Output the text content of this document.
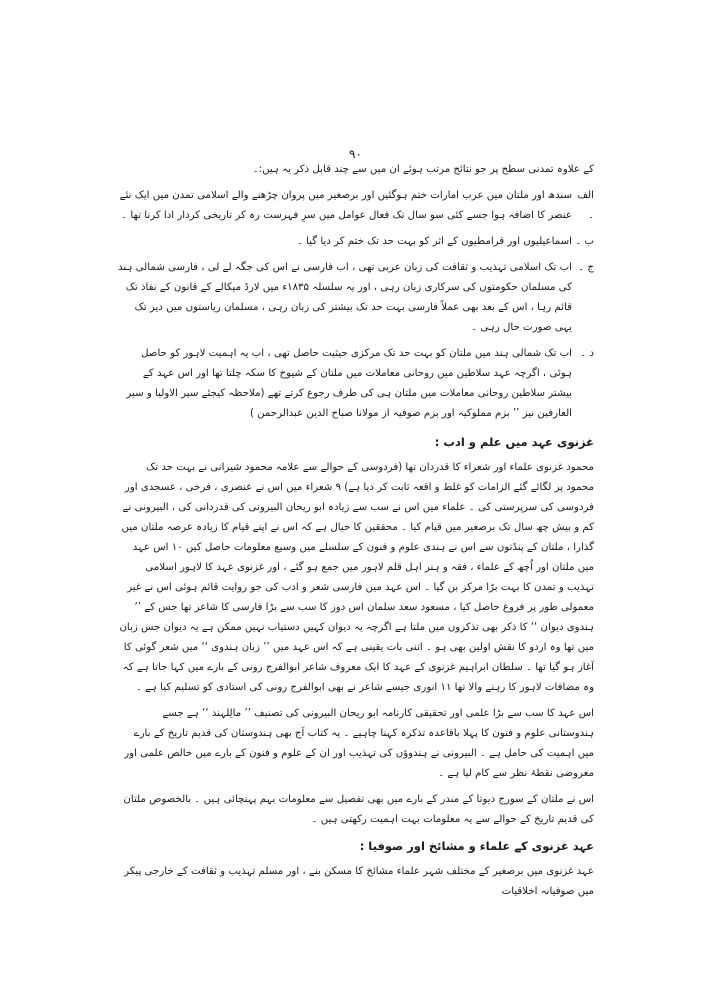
۹۰

کے علاوہ تمدنی سطح پر جو نتائج مرتب ہوئے ان میں سے چند قابل ذکر یہ ہیں:۔

الف ۔

سندھ اور ملتان میں عرب امارات ختم ہوگئیں اور برصغیر میں پروان چڑھنے والے اسلامی تمدن میں ایک نئے عنصر کا اضافہ ہوا جسے کئی سو سال تک فعال عوامل میں سرِ فہرست رہ کر تاریخی کردار ادا کرنا تھا ۔

ب ۔

اسماعیلیوں اور قرامطیوں کے اثر کو بہت حد تک ختم کر دیا گیا ۔

ج ۔

اب تک اسلامی تہذیب و ثقافت کی زبان عربی تھی ، اب فارسی نے اس کی جگہ لے لی ، فارسی شمالی ہند کی مسلمان حکومتوں کی سرکاری زبان رہی ، اور یہ سلسلہ ۱۸۳۵ء میں لارڈ میکالے کے قانون کے نفاذ تک قائم رہا ، اس کے بعد بھی عملاً فارسی بہت حد تک بیشتر کی زبان رہی ، مسلمان ریاستوں میں دیر تک یہی صورت حال رہی ۔

د ۔

اب تک شمالی ہند میں ملتان کو بہت حد تک مرکزی حیثیت حاصل تھی ، اب یہ اہمیت لاہور کو حاصل ہوئی ، اگرچہ عہد سلاطین میں روحانی معاملات میں ملتان کے شیوخ کا سکہ چلتا تھا اور اس عہد کے بیشتر سلاطین روحانی معاملات میں ملتان ہی کی طرف رجوع کرتے تھے (ملاحظہ کیجئے سیر الاولیا و سیر العارفین نیز ’’ بزم مملوکیہ اور بزم صوفیہ از مولانا صباح الدین عبدالرحمن )

غزنوی عہد میں علم و ادب :

محمود غزنوی علماء اور شعراء کا قدردان تھا (فردوسی کے حوالے سے علامہ محمود شیرانی نے بہت حد تک محمود پر لگائے گئے الزامات کو غلط و اقعہ ثابت کر دیا ہے) ۹ شعراء میں اس نے عنصری ، فرخی ، عسجدی اور فردوسی کی سرپرستی کی ۔ علماء میں اس نے سب سے زیادہ ابو ریحان البیرونی کی قدردانی کی ، البیرونی نے کم و بیش چھ سال تک برصغیر میں قیام کیا ۔ محققین کا خیال ہے کہ اس نے اپنے قیام کا زیادہ عرصہ ملتان میں گذارا ، ملتان کے پنڈتوں سے اس نے ہندی علوم و فنون کے سلسلے میں وسیع معلومات حاصل کیں ۱۰ اس عہد میں ملتان اور اُچھ کے علماء ، فقہ و ہنر اہل قلم لاہور میں جمع ہو گئے ، اور غزنوی عہد کا لاہور اسلامی تہذیب و تمدن کا بہت بڑا مرکز بن گیا ۔ اس عہد میں فارسی شعر و ادب کی جو روایت قائم ہوئی اس نے غیر معمولی طور پر فروغ حاصل کیا ، مسعود سعد سلمان اس دور کا سب سے بڑا فارسی کا شاعر تھا جس کے ’’ ہندوی دیوان ‘‘ کا ذکر بھی تذکروں میں ملتا ہے اگرچہ یہ دیوان کہیں دستیاب نہیں ممکن ہے یہ دیوان جس زبان میں تھا وہ اردو کا نقش اولین بھی ہو ۔ اتنی بات یقینی ہے کہ اس عہد میں ’’ زبان ہندوی ‘‘ میں شعر گوئی کا آغاز ہو گیا تھا ۔ سلطان ابراہیم غزنوی کے عہد کا ایک معروف شاعر ابوالفرج رونی کے بارے میں کہا جاتا ہے کہ وہ مضافات لاہور کا رہنے والا تھا ۱۱ انوری جیسے شاعر نے بھی ابوالفرج رونی کی استادی کو تسلیم کیا ہے ۔

اس عہد کا سب سے بڑا علمی اور تحقیقی کارنامہ ابو ریحان البیرونی کی تصنیف ’’ مالِلہند ‘‘ ہے جسے ہندوستانی علوم و فنون کا پہلا باقاعدہ تذکرہ کہنا چاہیے ۔ یہ کتاب آج بھی ہندوستان کی قدیم تاریخ کے بارے میں اہمیت کی حامل ہے ۔ البیرونی نے ہندوؤں کی تہذیب اور ان کے علوم و فنون کے بارے میں خالص علمی اور معروضی نقطۂ نظر سے کام لیا ہے ۔

اس نے ملتان کے سورج دیوتا کے مندر کے بارے میں بھی تفصیل سے معلومات بہم پہنچائی ہیں ۔ بالخصوص ملتان کی قدیم تاریخ کے حوالے سے یہ معلومات بہت اہمیت رکھتی ہیں ۔

عہد غزنوی کے علماء و مشائخ اور صوفیا :

عہد غزنوی میں برصغیر کے مختلف شہر علماء مشائخ کا مسکن بنے ، اور مسلم تہذیب و ثقافت کے خارجی پیکر میں صوفیانہ اخلاقیات
